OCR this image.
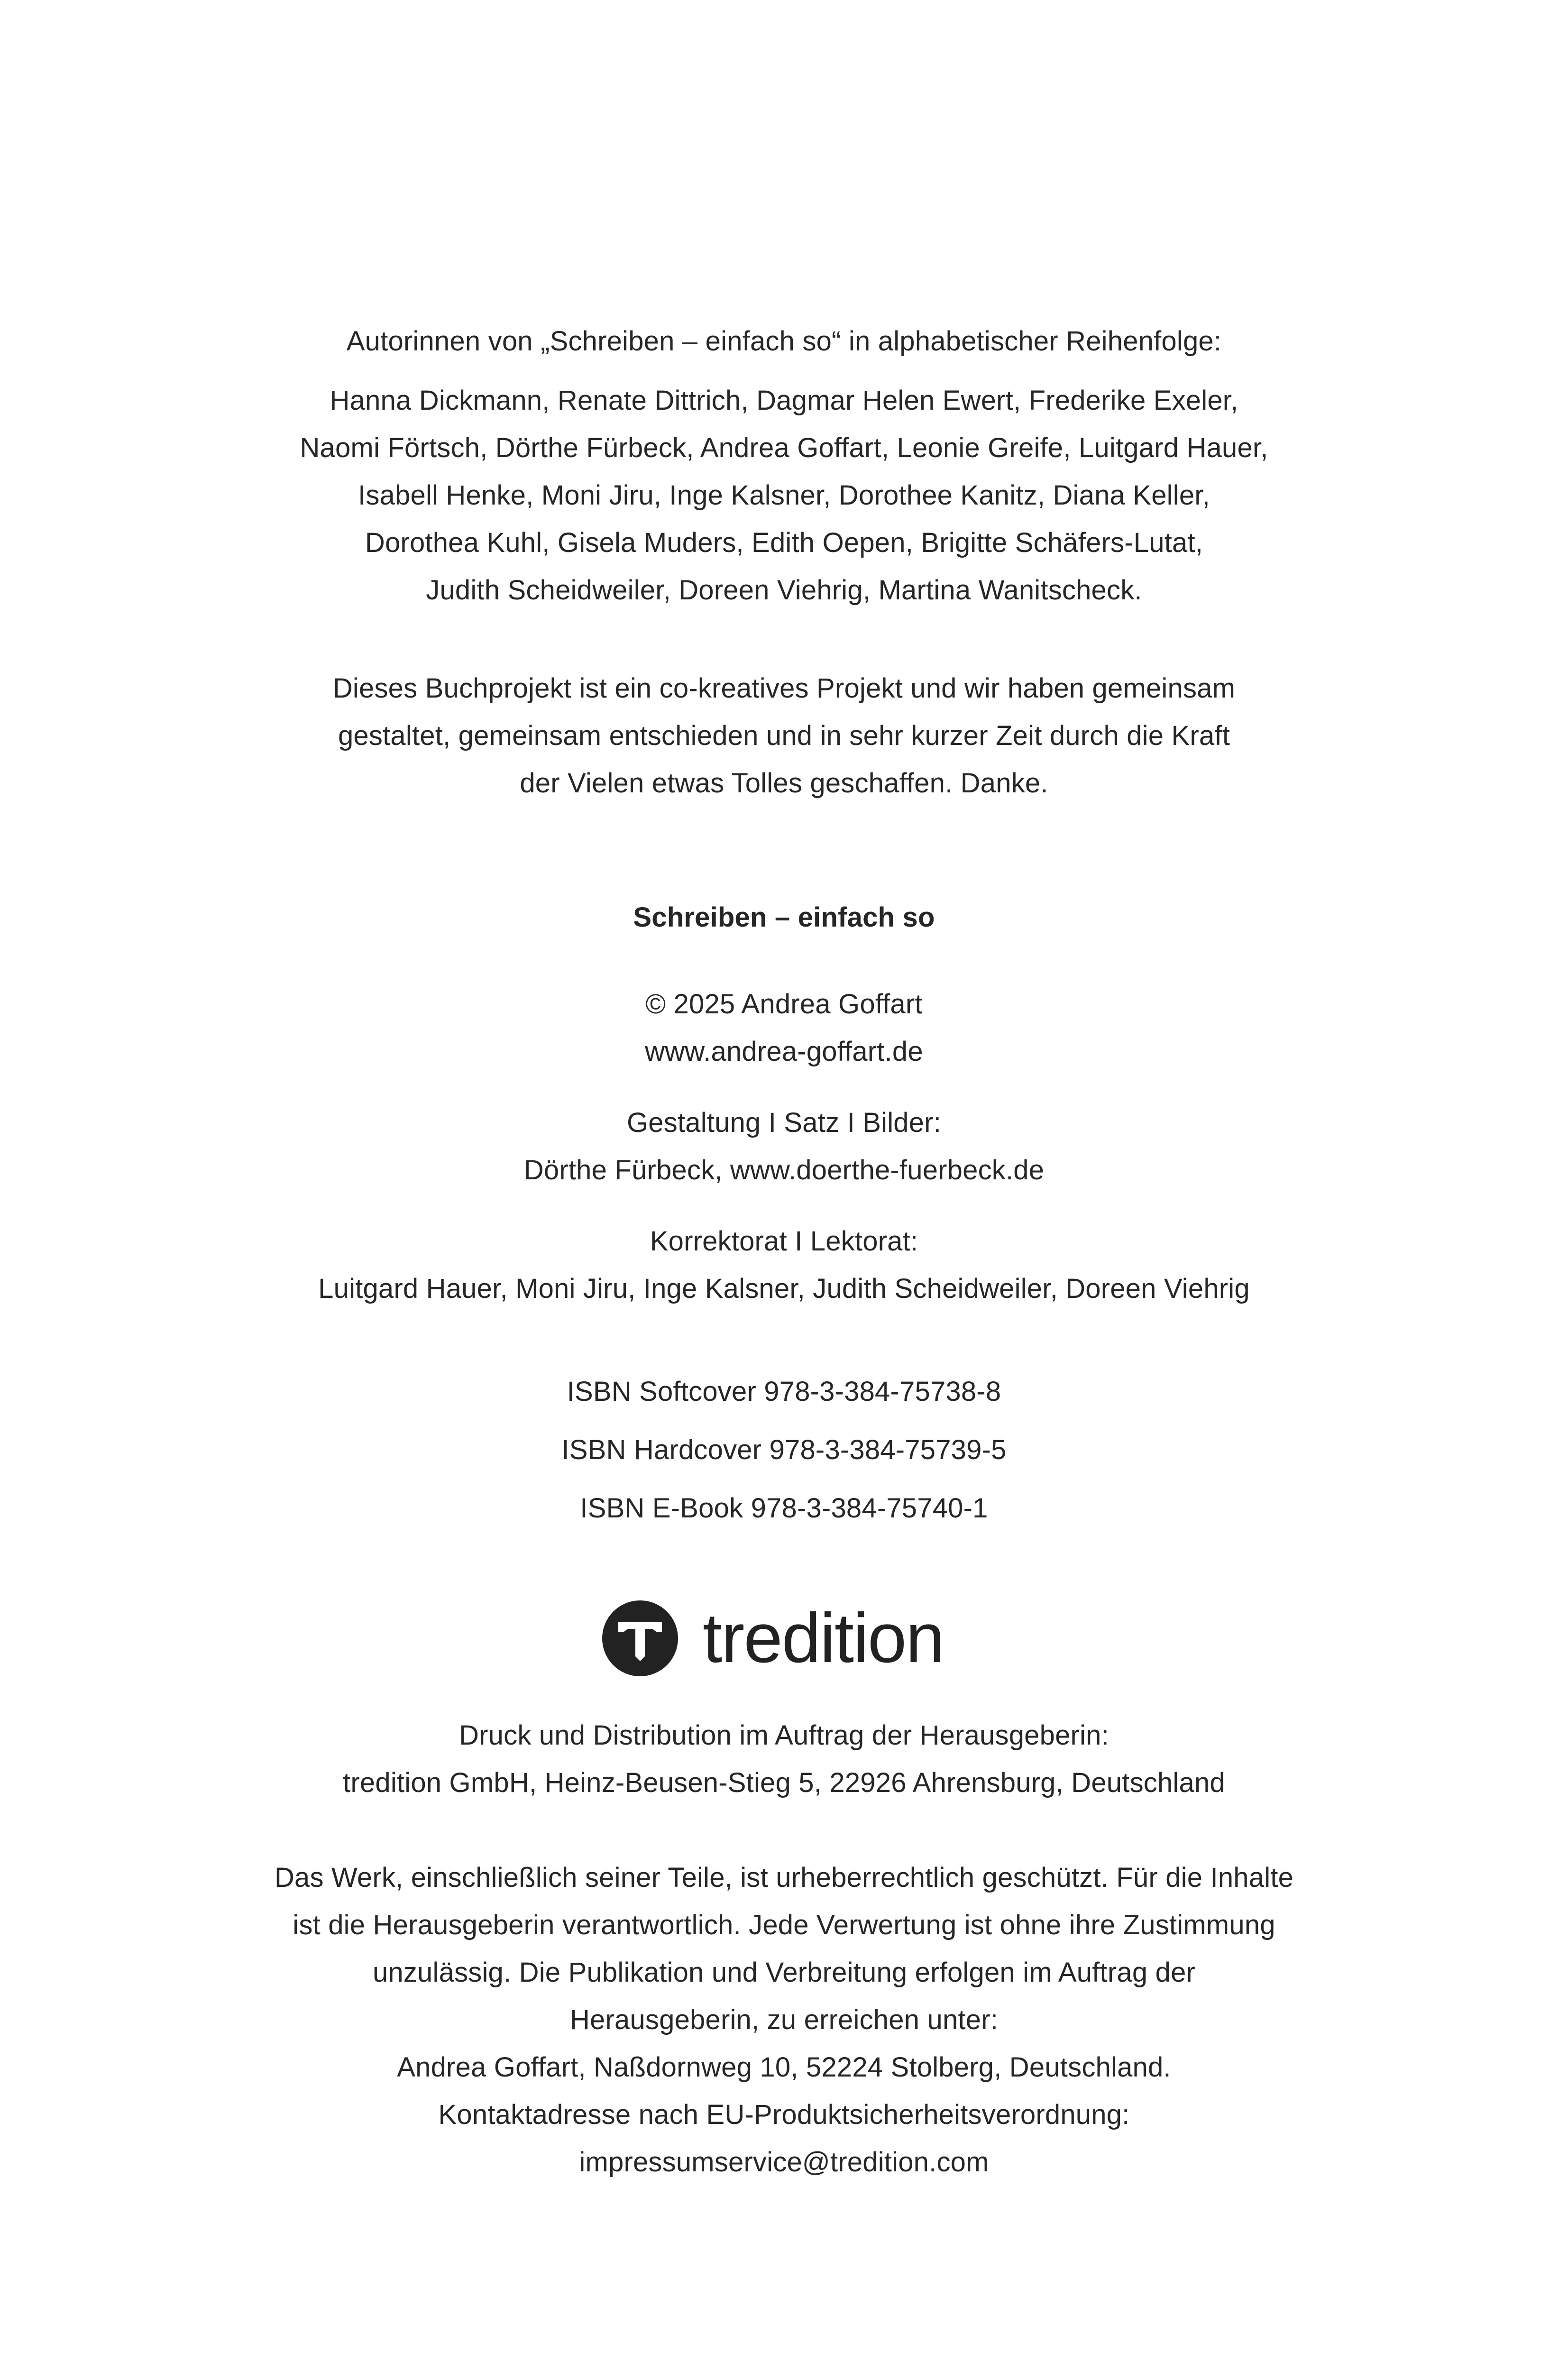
Autorinnen von „Schreiben – einfach so“ in alphabetischer Reihenfolge:
Hanna Dickmann, Renate Dittrich, Dagmar Helen Ewert, Frederike Exeler,
Naomi Förtsch, Dörthe Fürbeck, Andrea Goffart, Leonie Greife, Luitgard Hauer,
Isabell Henke, Moni Jiru, Inge Kalsner, Dorothee Kanitz, Diana Keller,
Dorothea Kuhl, Gisela Muders, Edith Oepen, Brigitte Schäfers-Lutat,
Judith Scheidweiler, Doreen Viehrig, Martina Wanitscheck.
Dieses Buchprojekt ist ein co-kreatives Projekt und wir haben gemeinsam
gestaltet, gemeinsam entschieden und in sehr kurzer Zeit durch die Kraft
der Vielen etwas Tolles geschaffen. Danke.
Schreiben – einfach so
© 2025 Andrea Goffart
www.andrea-goffart.de
Gestaltung I Satz I Bilder:
Dörthe Fürbeck, www.doerthe-fuerbeck.de
Korrektorat I Lektorat:
Luitgard Hauer, Moni Jiru, Inge Kalsner, Judith Scheidweiler, Doreen Viehrig
ISBN Softcover 978-3-384-75738-8
ISBN Hardcover 978-3-384-75739-5
ISBN E-Book 978-3-384-75740-1
tredition
Druck und Distribution im Auftrag der Herausgeberin:
tredition GmbH, Heinz-Beusen-Stieg 5, 22926 Ahrensburg, Deutschland
Das Werk, einschließlich seiner Teile, ist urheberrechtlich geschützt. Für die Inhalte
ist die Herausgeberin verantwortlich. Jede Verwertung ist ohne ihre Zustimmung
unzulässig. Die Publikation und Verbreitung erfolgen im Auftrag der
Herausgeberin, zu erreichen unter:
Andrea Goffart, Naßdornweg 10, 52224 Stolberg, Deutschland.
Kontaktadresse nach EU-Produktsicherheitsverordnung:
impressumservice@tredition.com
